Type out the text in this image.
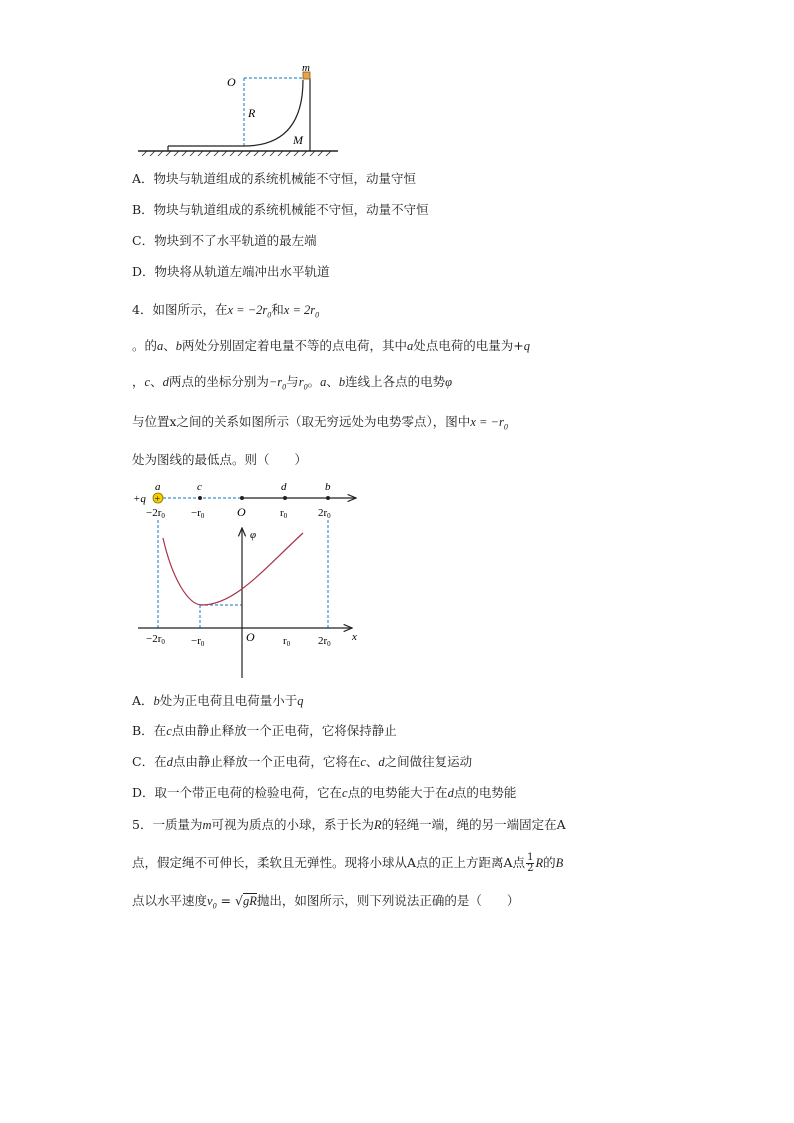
O
m
R
M
A．物块与轨道组成的系统机械能不守恒，动量守恒
B．物块与轨道组成的系统机械能不守恒，动量不守恒
C．物块到不了水平轨道的最左端
D．物块将从轨道左端冲出水平轨道
4．如图所示，在$x = -2r_0$和$x = 2r_0$
。的a、b两处分别固定着电量不等的点电荷，其中a处点电荷的电量为+q
，c、d两点的坐标分别为$-r_0$与$r_0$。a、b连线上各点的电势φ
与位置x之间的关系如图所示（取无穷远处为电势零点），图中$x = -r_0$
处为图线的最低点。则（　　）
+
+q
a	c	d	b
−2r0 −r0	O	r0	2r0
φ
x
−2r0 −r0	O	r0	2r0
A．b处为正电荷且电荷量小于q
B．在c点由静止释放一个正电荷，它将保持静止
C．在d点由静止释放一个正电荷，它将在c、d之间做往复运动
D．取一个带正电荷的检验电荷，它在c点的电势能大于在d点的电势能
5．一质量为m可视为质点的小球，系于长为R的轻绳一端，绳的另一端固定在A
点，假定绳不可伸长，柔软且无弹性。现将小球从A点的正上方距离A点 $\frac{1}{2}$ R的B
点以水平速度$v_0 = √gR$抛出，如图所示，则下列说法正确的是（　　）
